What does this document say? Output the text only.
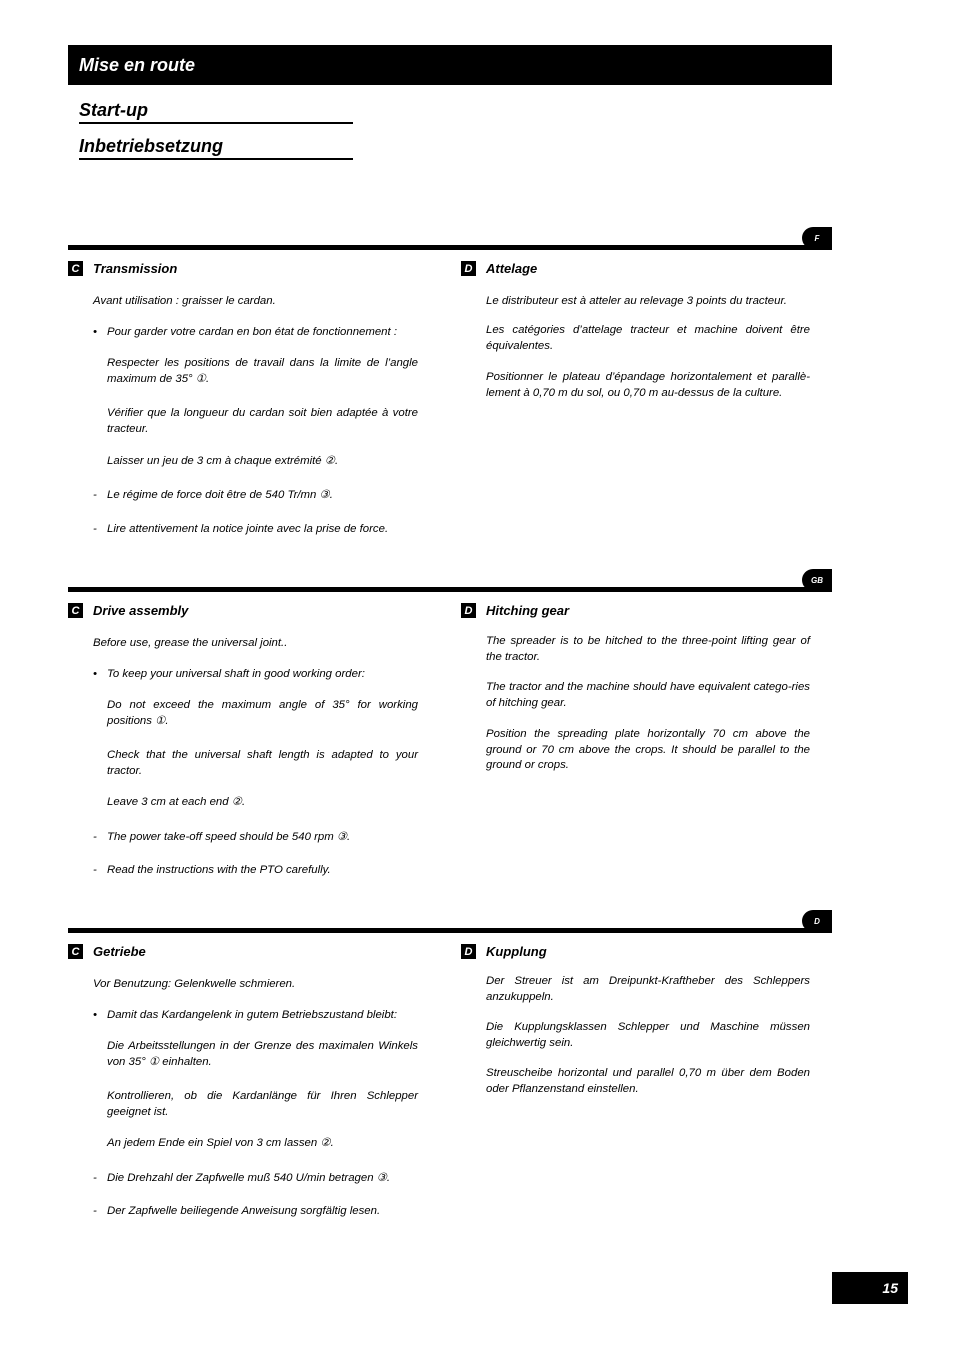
Mise en route
Start-up
Inbetriebsetzung
F
C Transmission

Avant utilisation : graisser le cardan.

• Pour garder votre cardan en bon état de fonctionnement :

Respecter les positions de travail dans la limite de l’angle maximum de 35° ①.

Vérifier que la longueur du cardan soit bien adaptée à votre tracteur.

Laisser un jeu de 3 cm à chaque extrémité ②.

- Le régime de force doit être de 540 Tr/mn ③.

- Lire attentivement la notice jointe avec la prise de force.

D Attelage

Le distributeur est à atteler au relevage 3 points du tracteur.

Les catégories d’attelage tracteur et machine doivent être équivalentes.

Positionner le plateau d’épandage horizontalement et parallè-lement à 0,70 m du sol, ou 0,70 m au-dessus de la culture.

GB
C Drive assembly

Before use, grease the universal joint..

• To keep your universal shaft in good working order:

Do not exceed the maximum angle of 35° for working positions ①.

Check that the universal shaft length is adapted to your tractor.

Leave 3 cm at each end ②.

- The power take-off speed should be 540 rpm ③.

- Read the instructions with the PTO carefully.

D Hitching gear

The spreader is to be hitched to the three-point lifting gear of the tractor.

The tractor and the machine should have equivalent catego-ries of hitching gear.

Position the spreading plate horizontally 70 cm above the ground or 70 cm above the crops. It should be parallel to the ground or crops.

D
C Getriebe

Vor Benutzung: Gelenkwelle schmieren.

• Damit das Kardangelenk in gutem Betriebszustand bleibt:

Die Arbeitsstellungen in der Grenze des maximalen Winkels von 35° ① einhalten.

Kontrollieren, ob die Kardanlänge für Ihren Schlepper geeignet ist.

An jedem Ende ein Spiel von 3 cm lassen ②.

- Die Drehzahl der Zapfwelle muß 540 U/min betragen ③.

- Der Zapfwelle beiliegende Anweisung sorgfältig lesen.

D Kupplung

Der Streuer ist am Dreipunkt-Kraftheber des Schleppers anzukuppeln.

Die Kupplungsklassen Schlepper und Maschine müssen gleichwertig sein.

Streuscheibe horizontal und parallel 0,70 m über dem Boden oder Pflanzenstand einstellen.

15
